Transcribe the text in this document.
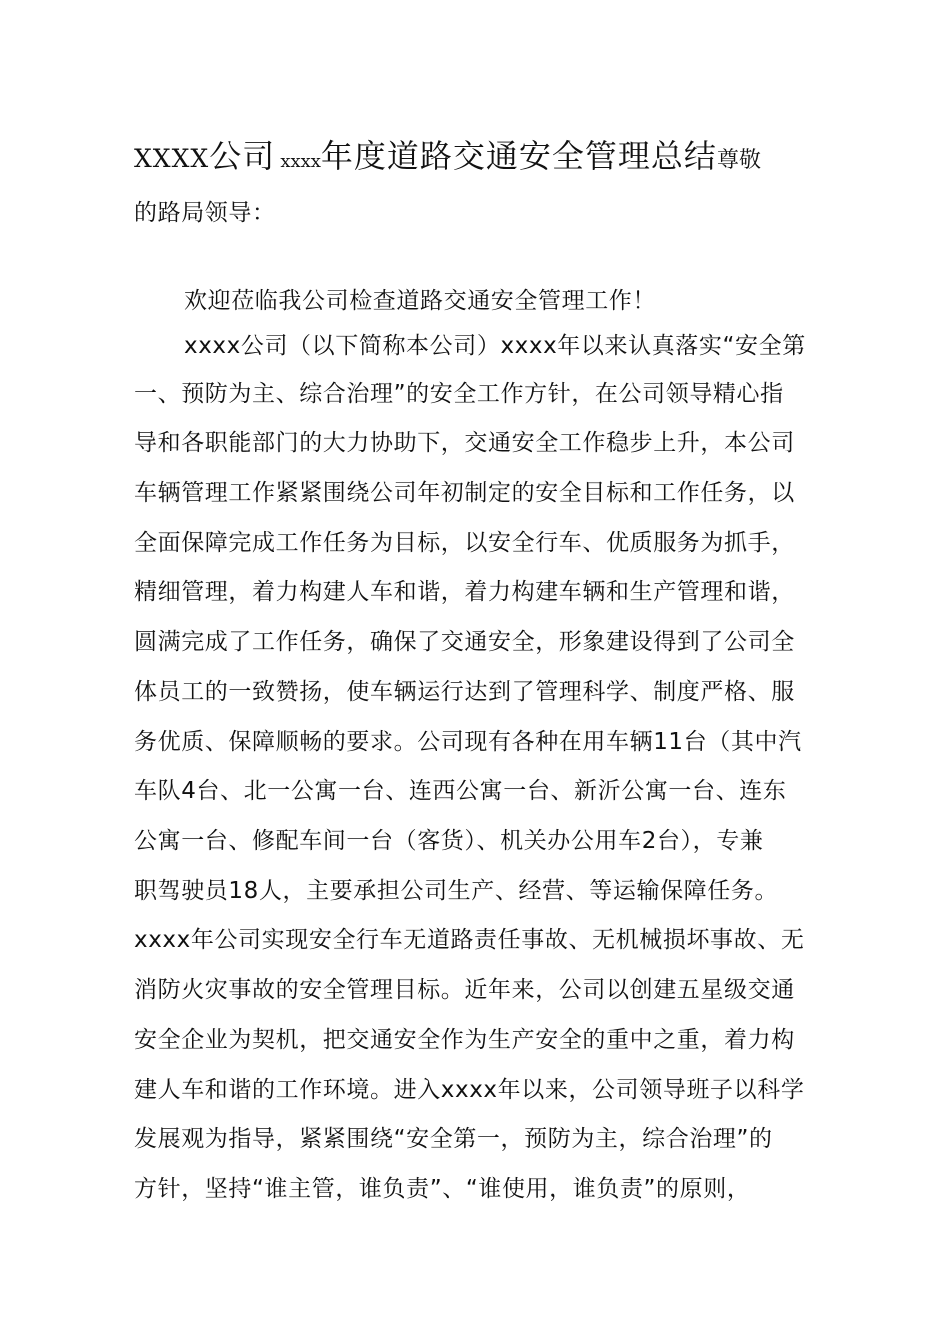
XXXX公司 xxxx年度道路交通安全管理总结尊敬
的路局领导：
欢迎莅临我公司检查道路交通安全管理工作！
xxxx公司（以下简称本公司）xxxx年以来认真落实“安全第
一、预防为主、综合治理”的安全工作方针，在公司领导精心指
导和各职能部门的大力协助下，交通安全工作稳步上升，本公司
车辆管理工作紧紧围绕公司年初制定的安全目标和工作任务，以
全面保障完成工作任务为目标，以安全行车、优质服务为抓手，
精细管理，着力构建人车和谐，着力构建车辆和生产管理和谐，
圆满完成了工作任务，确保了交通安全，形象建设得到了公司全
体员工的一致赞扬，使车辆运行达到了管理科学、制度严格、服
务优质、保障顺畅的要求。公司现有各种在用车辆11台（其中汽
车队4台、北一公寓一台、连西公寓一台、新沂公寓一台、连东
公寓一台、修配车间一台（客货）、机关办公用车2台），专兼
职驾驶员18人，主要承担公司生产、经营、等运输保障任务。
xxxx年公司实现安全行车无道路责任事故、无机械损坏事故、无
消防火灾事故的安全管理目标。近年来，公司以创建五星级交通
安全企业为契机，把交通安全作为生产安全的重中之重，着力构
建人车和谐的工作环境。进入xxxx年以来，公司领导班子以科学
发展观为指导，紧紧围绕“安全第一，预防为主，综合治理”的
方针，坚持“谁主管，谁负责”、“谁使用，谁负责”的原则，
